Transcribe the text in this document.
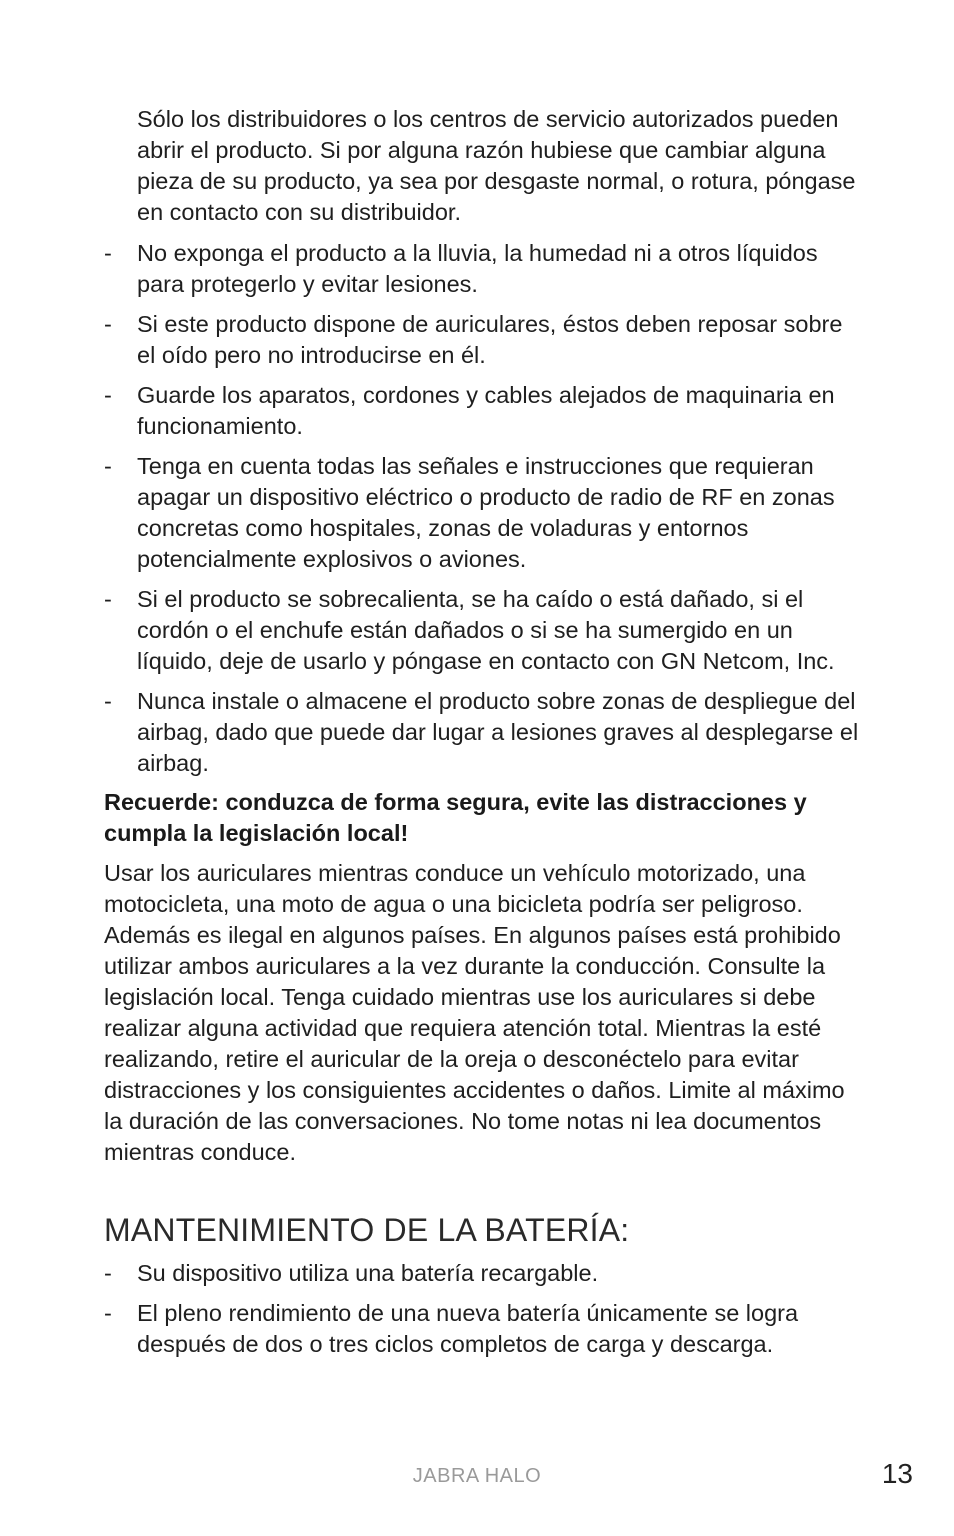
Sólo los distribuidores o los centros de servicio autorizados pueden abrir el producto. Si por alguna razón hubiese que cambiar alguna pieza de su producto, ya sea por desgaste normal, o rotura, póngase en contacto con su distribuidor.

- No exponga el producto a la lluvia, la humedad ni a otros líquidos para protegerlo y evitar lesiones.
- Si este producto dispone de auriculares, éstos deben reposar sobre el oído pero no introducirse en él.
- Guarde los aparatos, cordones y cables alejados de maquinaria en funcionamiento.
- Tenga en cuenta todas las señales e instrucciones que requieran apagar un dispositivo eléctrico o producto de radio de RF en zonas concretas como hospitales, zonas de voladuras y entornos potencialmente explosivos o aviones.
- Si el producto se sobrecalienta, se ha caído o está dañado, si el cordón o el enchufe están dañados o si se ha sumergido en un líquido, deje de usarlo y póngase en contacto con GN Netcom, Inc.
- Nunca instale o almacene el producto sobre zonas de despliegue del airbag, dado que puede dar lugar a lesiones graves al desplegarse el airbag.

Recuerde: conduzca de forma segura, evite las distracciones y cumpla la legislación local!

Usar los auriculares mientras conduce un vehículo motorizado, una motocicleta, una moto de agua o una bicicleta podría ser peligroso. Además es ilegal en algunos países. En algunos países está prohibido utilizar ambos auriculares a la vez durante la conducción. Consulte la legislación local. Tenga cuidado mientras use los auriculares si debe realizar alguna actividad que requiera atención total. Mientras la esté realizando, retire el auricular de la oreja o desconéctelo para evitar distracciones y los consiguientes accidentes o daños. Limite al máximo la duración de las conversaciones. No tome notas ni lea documentos mientras conduce.

MANTENIMIENTO DE LA BATERÍA:
- Su dispositivo utiliza una batería recargable.
- El pleno rendimiento de una nueva batería únicamente se logra después de dos o tres ciclos completos de carga y descarga.
JABRA HALO	13
